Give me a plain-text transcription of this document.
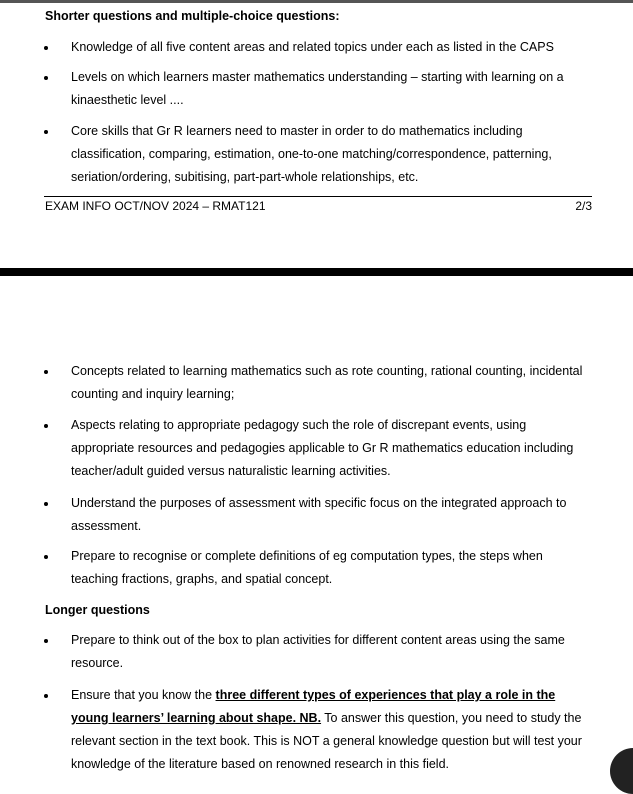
Shorter questions and multiple-choice questions:
Knowledge of all five content areas and related topics under each as listed in the CAPS
Levels on which learners master mathematics understanding – starting with learning on a kinaesthetic level ....
Core skills that Gr R learners need to master in order to do mathematics including classification, comparing, estimation, one-to-one matching/correspondence, patterning, seriation/ordering, subitising, part-part-whole relationships, etc.
EXAM INFO OCT/NOV 2024 – RMAT121	2/3
Concepts related to learning mathematics such as rote counting, rational counting, incidental counting and inquiry learning;
Aspects relating to appropriate pedagogy such the role of discrepant events, using appropriate resources and pedagogies applicable to Gr R mathematics education including teacher/adult guided versus naturalistic learning activities.
Understand the purposes of assessment with specific focus on the integrated approach to assessment.
Prepare to recognise or complete definitions of eg computation types, the steps when teaching fractions, graphs, and spatial concept.
Longer questions
Prepare to think out of the box to plan activities for different content areas using the same resource.
Ensure that you know the three different types of experiences that play a role in the young learners’ learning about shape. NB. To answer this question, you need to study the relevant section in the text book. This is NOT a general knowledge question but will test your knowledge of the literature based on renowned research in this field.
